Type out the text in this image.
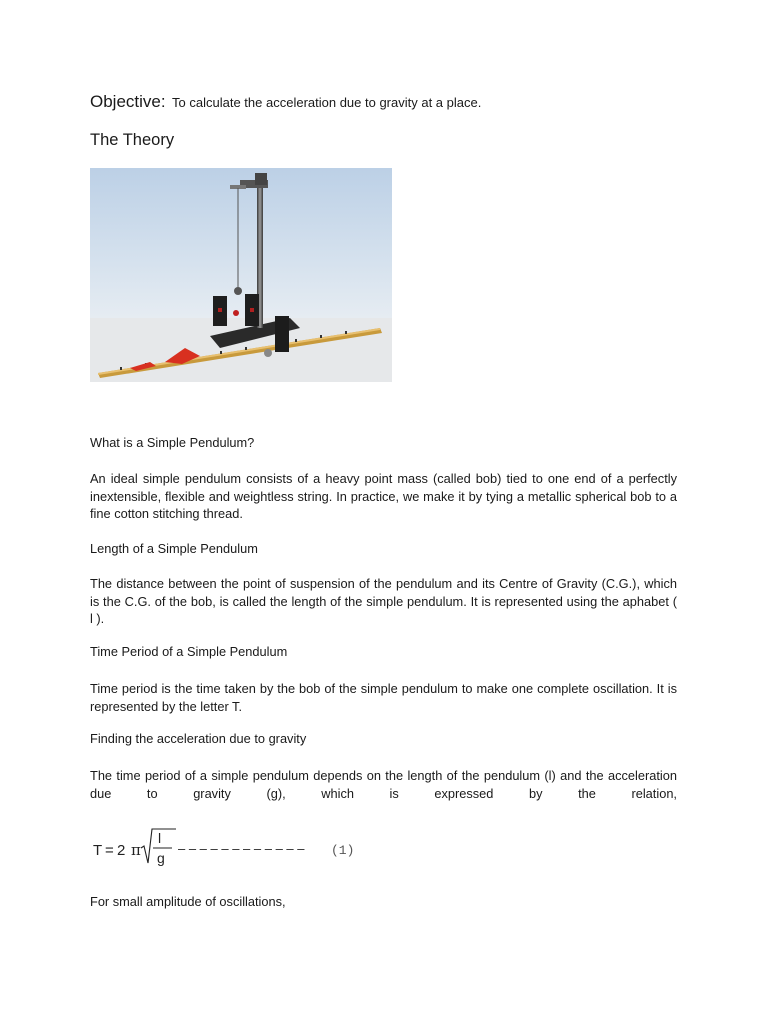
Objective: To calculate the acceleration due to gravity at a place.
The Theory

What is a Simple Pendulum?

An ideal simple pendulum consists of a heavy point mass (called bob) tied to one end of a perfectly inextensible, flexible and weightless string. In practice, we make it by tying a metallic spherical bob to a fine cotton stitching thread.

Length of a Simple Pendulum

The distance between the point of suspension of the pendulum and its Centre of Gravity (C.G.), which is the C.G. of the bob, is called the length of the simple pendulum. It is represented using the aphabet ( l ).

Time Period of a Simple Pendulum

Time period is the time taken by the bob of the simple pendulum to make one complete oscillation. It is represented by the letter T.

Finding the acceleration due to gravity

The time period of a simple pendulum depends on the length of the pendulum (l) and the acceleration due to gravity (g), which is expressed by the relation,

T = 2 π
l
g
– – – – – – – – – – – – (1)

For small amplitude of oscillations,
